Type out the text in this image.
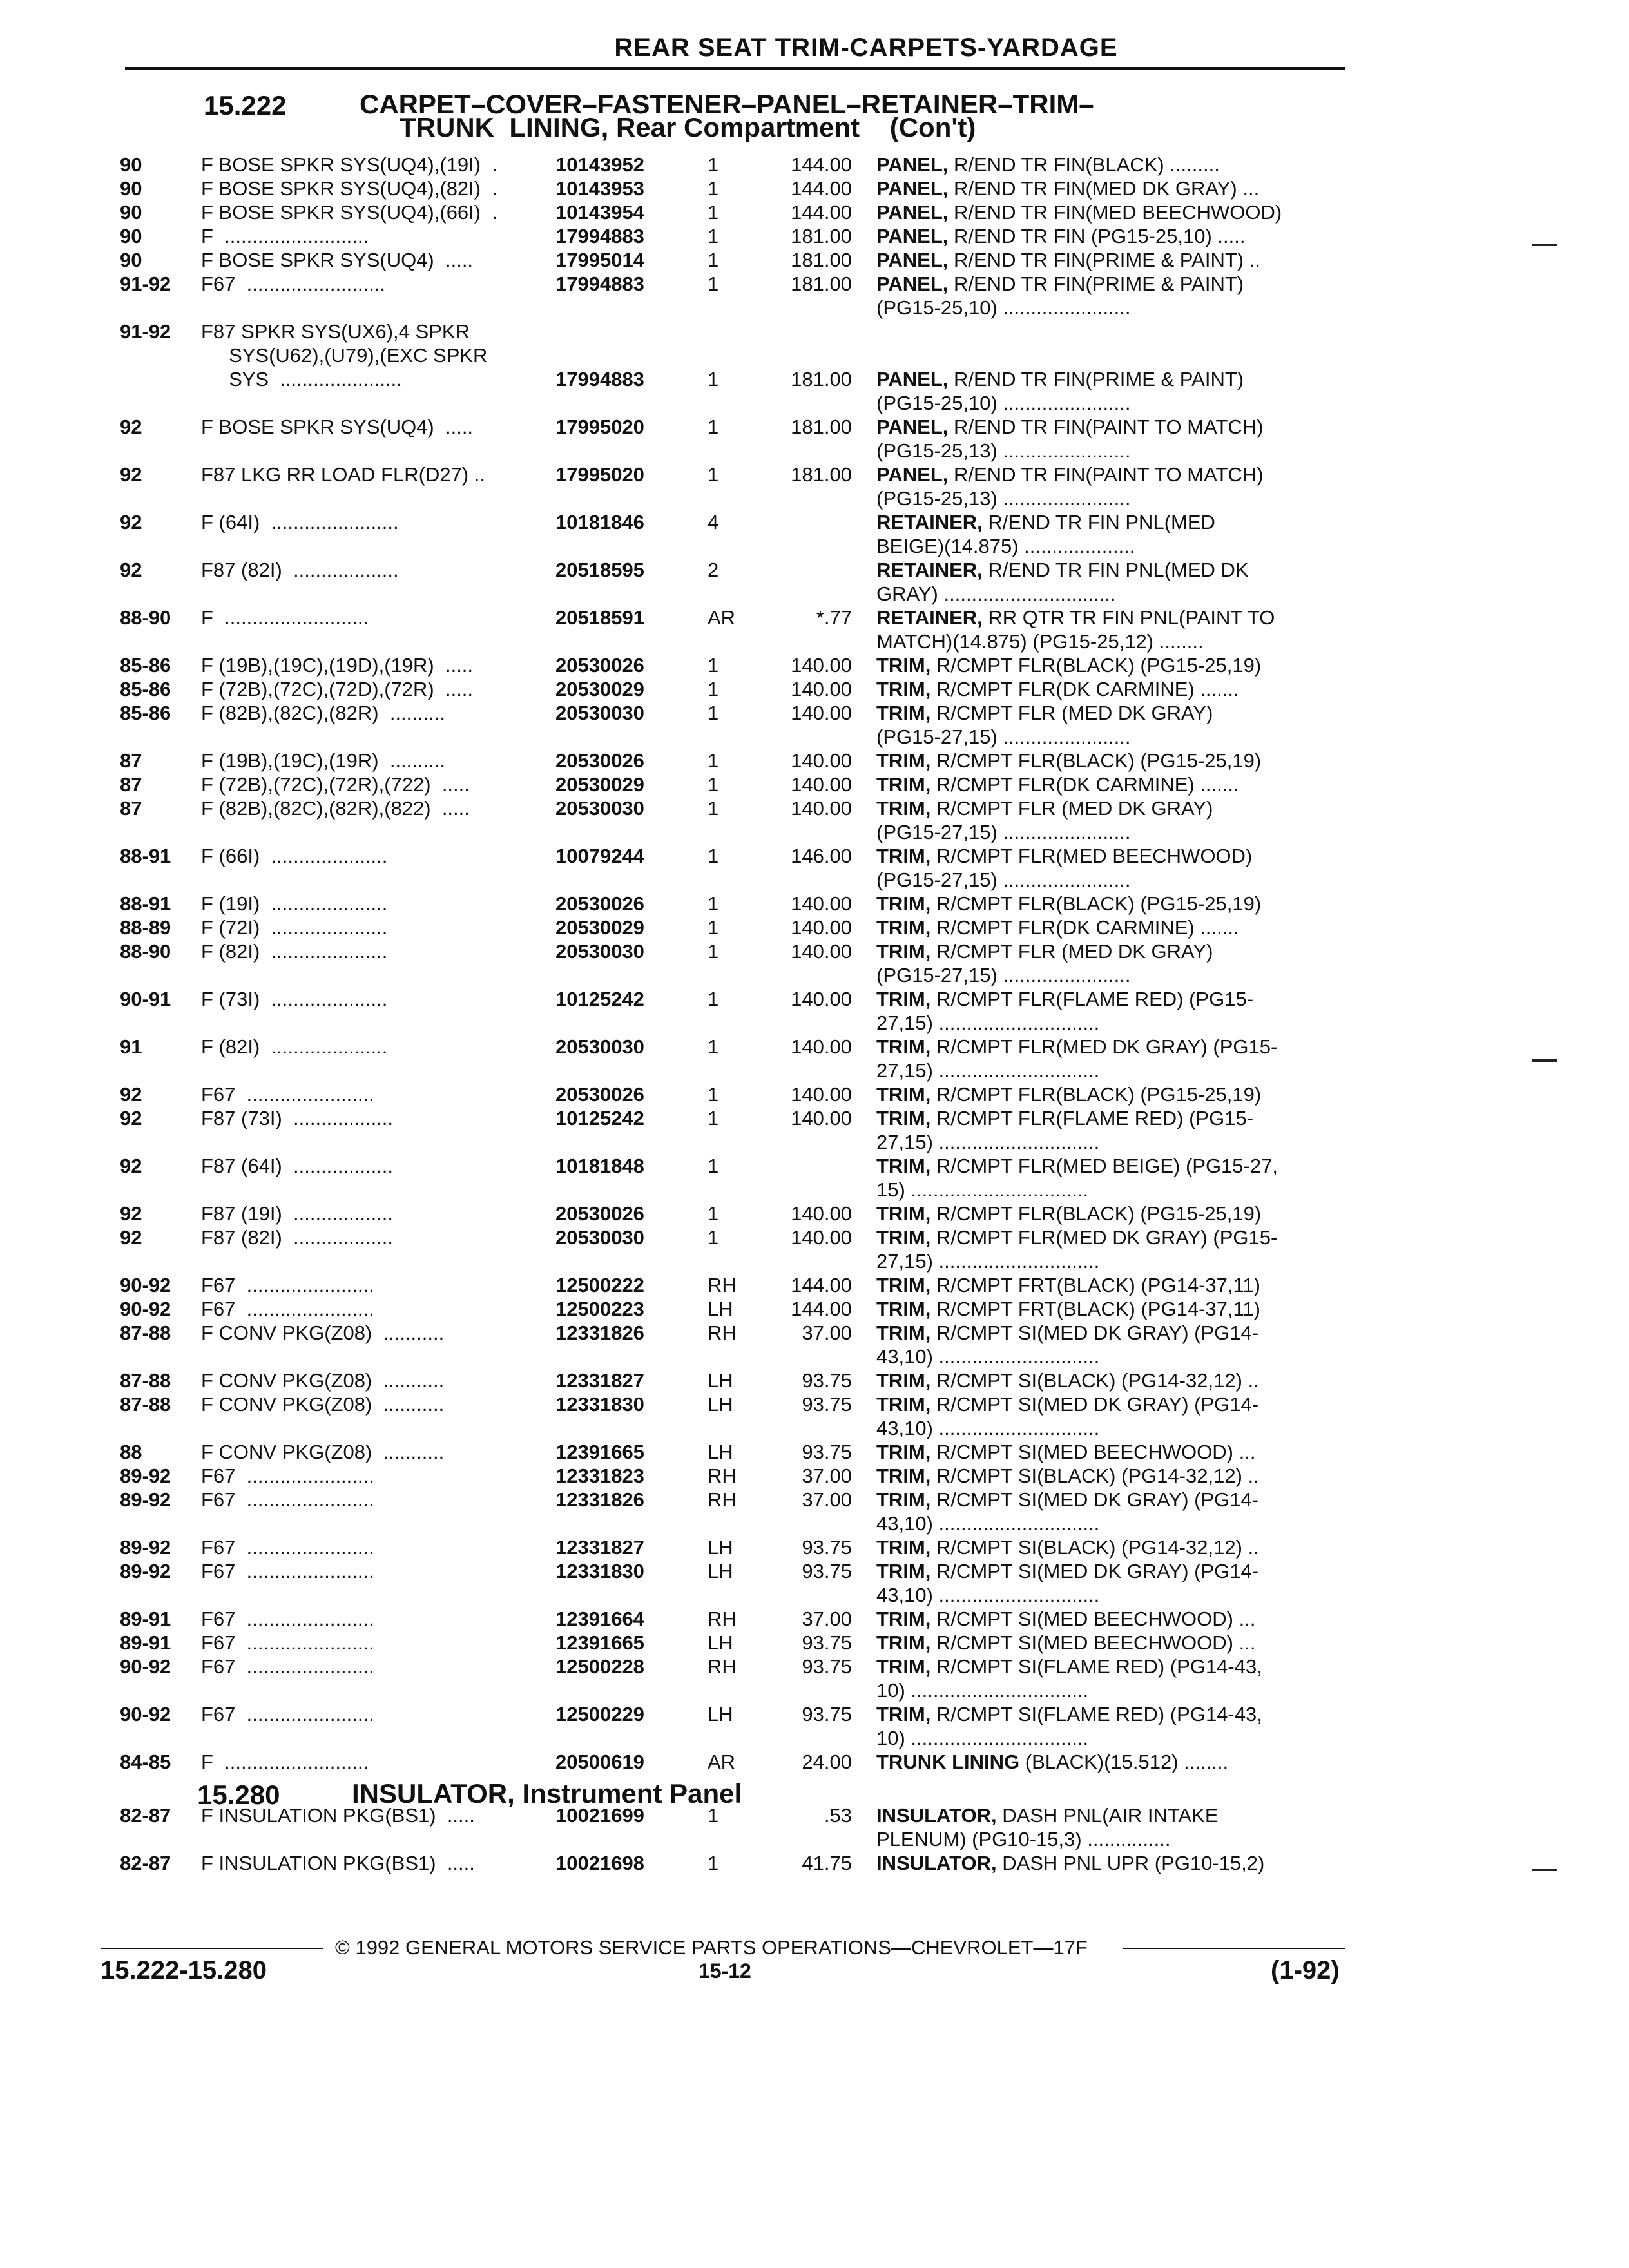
REAR SEAT TRIM-CARPETS-YARDAGE
15.222	CARPET–COVER–FASTENER–PANEL–RETAINER–TRIM–
TRUNK  LINING, Rear Compartment    (Con't)
90	F BOSE SPKR SYS(UQ4),(19I)  .	10143952	1	144.00 PANEL, R/END TR FIN(BLACK) .........
90	F BOSE SPKR SYS(UQ4),(82I)  .	10143953	1	144.00 PANEL, R/END TR FIN(MED DK GRAY) ...
90	F BOSE SPKR SYS(UQ4),(66I)  .	10143954	1	144.00 PANEL, R/END TR FIN(MED BEECHWOOD)
90	F  ..........................	17994883	1	181.00 PANEL, R/END TR FIN (PG15-25,10) .....
90	F BOSE SPKR SYS(UQ4)  .....	17995014	1	181.00 PANEL, R/END TR FIN(PRIME & PAINT) ..
91-92 F67  .........................	17994883	1	181.00 PANEL, R/END TR FIN(PRIME & PAINT)
(PG15-25,10) .......................
91-92 F87 SPKR SYS(UX6),4 SPKR
SYS(U62),(U79),(EXC SPKR
SYS  ......................	17994883	1	181.00 PANEL, R/END TR FIN(PRIME & PAINT)
(PG15-25,10) .......................
92	F BOSE SPKR SYS(UQ4)  .....	17995020	1	181.00 PANEL, R/END TR FIN(PAINT TO MATCH)
(PG15-25,13) .......................
92	F87 LKG RR LOAD FLR(D27) ..	17995020	1	181.00 PANEL, R/END TR FIN(PAINT TO MATCH)
(PG15-25,13) .......................
92	F (64I)  .......................	10181846	4	RETAINER, R/END TR FIN PNL(MED
BEIGE)(14.875) ....................
92	F87 (82I)  ...................	20518595	2	RETAINER, R/END TR FIN PNL(MED DK
GRAY) ...............................
88-90 F  ..........................	20518591	AR	*.77 RETAINER, RR QTR TR FIN PNL(PAINT TO
MATCH)(14.875) (PG15-25,12) ........
85-86 F (19B),(19C),(19D),(19R)  .....	20530026	1	140.00 TRIM, R/CMPT FLR(BLACK) (PG15-25,19)
85-86 F (72B),(72C),(72D),(72R)  .....	20530029	1	140.00 TRIM, R/CMPT FLR(DK CARMINE) .......
85-86 F (82B),(82C),(82R)  ..........	20530030	1	140.00 TRIM, R/CMPT FLR (MED DK GRAY)
(PG15-27,15) .......................
87	F (19B),(19C),(19R)  ..........	20530026	1	140.00 TRIM, R/CMPT FLR(BLACK) (PG15-25,19)
87	F (72B),(72C),(72R),(722)  .....	20530029	1	140.00 TRIM, R/CMPT FLR(DK CARMINE) .......
87	F (82B),(82C),(82R),(822)  .....	20530030	1	140.00 TRIM, R/CMPT FLR (MED DK GRAY)
(PG15-27,15) .......................
88-91 F (66I)  .....................	10079244	1	146.00 TRIM, R/CMPT FLR(MED BEECHWOOD)
(PG15-27,15) .......................
88-91 F (19I)  .....................	20530026	1	140.00 TRIM, R/CMPT FLR(BLACK) (PG15-25,19)
88-89 F (72I)  .....................	20530029	1	140.00 TRIM, R/CMPT FLR(DK CARMINE) .......
88-90 F (82I)  .....................	20530030	1	140.00 TRIM, R/CMPT FLR (MED DK GRAY)
(PG15-27,15) .......................
90-91 F (73I)  .....................	10125242	1	140.00 TRIM, R/CMPT FLR(FLAME RED) (PG15-
27,15) .............................
91	F (82I)  .....................	20530030	1	140.00 TRIM, R/CMPT FLR(MED DK GRAY) (PG15-
27,15) .............................
92	F67  .......................	20530026	1	140.00 TRIM, R/CMPT FLR(BLACK) (PG15-25,19)
92	F87 (73I)  ..................	10125242	1	140.00 TRIM, R/CMPT FLR(FLAME RED) (PG15-
27,15) .............................
92	F87 (64I)  ..................	10181848	1	TRIM, R/CMPT FLR(MED BEIGE) (PG15-27,
15) ................................
92	F87 (19I)  ..................	20530026	1	140.00 TRIM, R/CMPT FLR(BLACK) (PG15-25,19)
92	F87 (82I)  ..................	20530030	1	140.00 TRIM, R/CMPT FLR(MED DK GRAY) (PG15-
27,15) .............................
90-92 F67  .......................	12500222	RH	144.00 TRIM, R/CMPT FRT(BLACK) (PG14-37,11)
90-92 F67  .......................	12500223	LH	144.00 TRIM, R/CMPT FRT(BLACK) (PG14-37,11)
87-88 F CONV PKG(Z08)  ...........	12331826	RH	37.00 TRIM, R/CMPT SI(MED DK GRAY) (PG14-
43,10) .............................
87-88 F CONV PKG(Z08)  ...........	12331827	LH	93.75 TRIM, R/CMPT SI(BLACK) (PG14-32,12) ..
87-88 F CONV PKG(Z08)  ...........	12331830	LH	93.75 TRIM, R/CMPT SI(MED DK GRAY) (PG14-
43,10) .............................
88	F CONV PKG(Z08)  ...........	12391665	LH	93.75 TRIM, R/CMPT SI(MED BEECHWOOD) ...
89-92 F67  .......................	12331823	RH	37.00 TRIM, R/CMPT SI(BLACK) (PG14-32,12) ..
89-92 F67  .......................	12331826	RH	37.00 TRIM, R/CMPT SI(MED DK GRAY) (PG14-
43,10) .............................
89-92 F67  .......................	12331827	LH	93.75 TRIM, R/CMPT SI(BLACK) (PG14-32,12) ..
89-92 F67  .......................	12331830	LH	93.75 TRIM, R/CMPT SI(MED DK GRAY) (PG14-
43,10) .............................
89-91 F67  .......................	12391664	RH	37.00 TRIM, R/CMPT SI(MED BEECHWOOD) ...
89-91 F67  .......................	12391665	LH	93.75 TRIM, R/CMPT SI(MED BEECHWOOD) ...
90-92 F67  .......................	12500228	RH	93.75 TRIM, R/CMPT SI(FLAME RED) (PG14-43,
10) ................................
90-92 F67  .......................	12500229	LH	93.75 TRIM, R/CMPT SI(FLAME RED) (PG14-43,
10) ................................
84-85 F  ..........................	20500619	AR	24.00 TRUNK LINING (BLACK)(15.512) ........
82-87 F INSULATION PKG(BS1)  .....	10021699	1	.53 INSULATOR, DASH PNL(AIR INTAKE
PLENUM) (PG10-15,3) ...............
82-87 F INSULATION PKG(BS1)  .....	10021698	1	41.75 INSULATOR, DASH PNL UPR (PG10-15,2)
15.280	INSULATOR, Instrument Panel
© 1992 GENERAL MOTORS SERVICE PARTS OPERATIONS—CHEVROLET—17F
15.222-15.280	15-12	(1-92)
